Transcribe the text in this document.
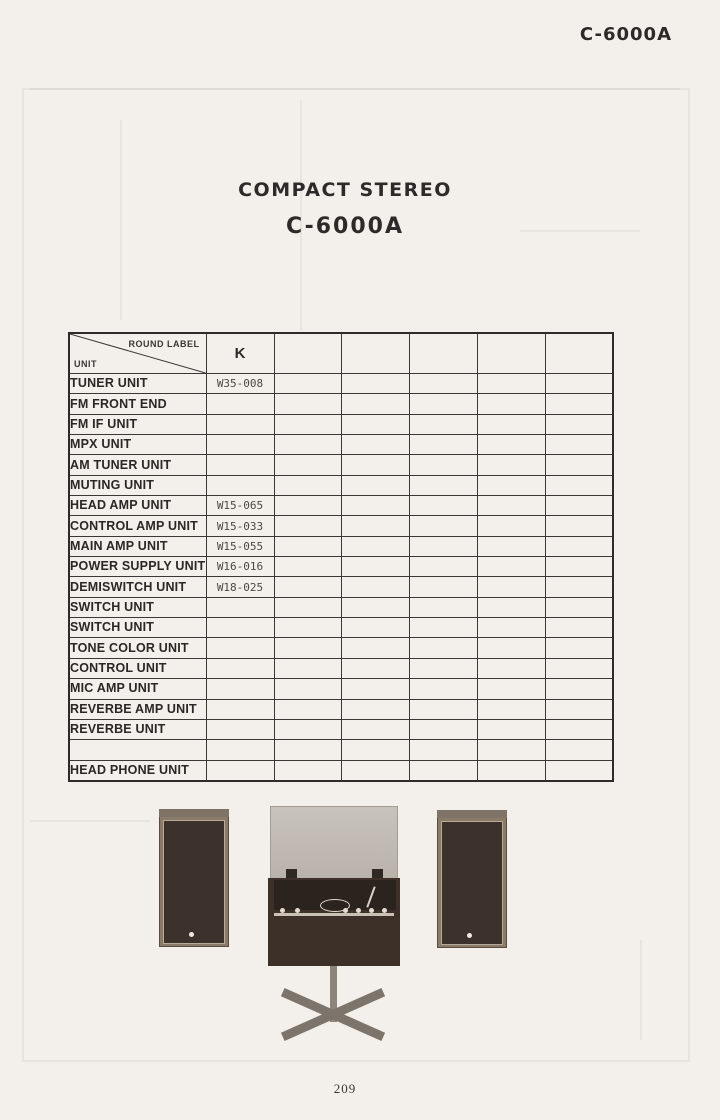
C-6000A
COMPACT STEREO
C-6000A
ROUND LABEL
UNIT	K					
TUNER UNIT	W35-008					
FM FRONT END						
FM IF UNIT						
MPX UNIT						
AM TUNER UNIT						
MUTING UNIT						
HEAD AMP UNIT	W15-065					
CONTROL AMP UNIT	W15-033					
MAIN AMP UNIT	W15-055					
POWER SUPPLY UNIT	W16-016					
DEMISWITCH UNIT	W18-025					
SWITCH UNIT						
SWITCH UNIT						
TONE COLOR UNIT						
CONTROL UNIT						
MIC AMP UNIT						
REVERBE AMP UNIT						
REVERBE UNIT						

HEAD PHONE UNIT						
209
